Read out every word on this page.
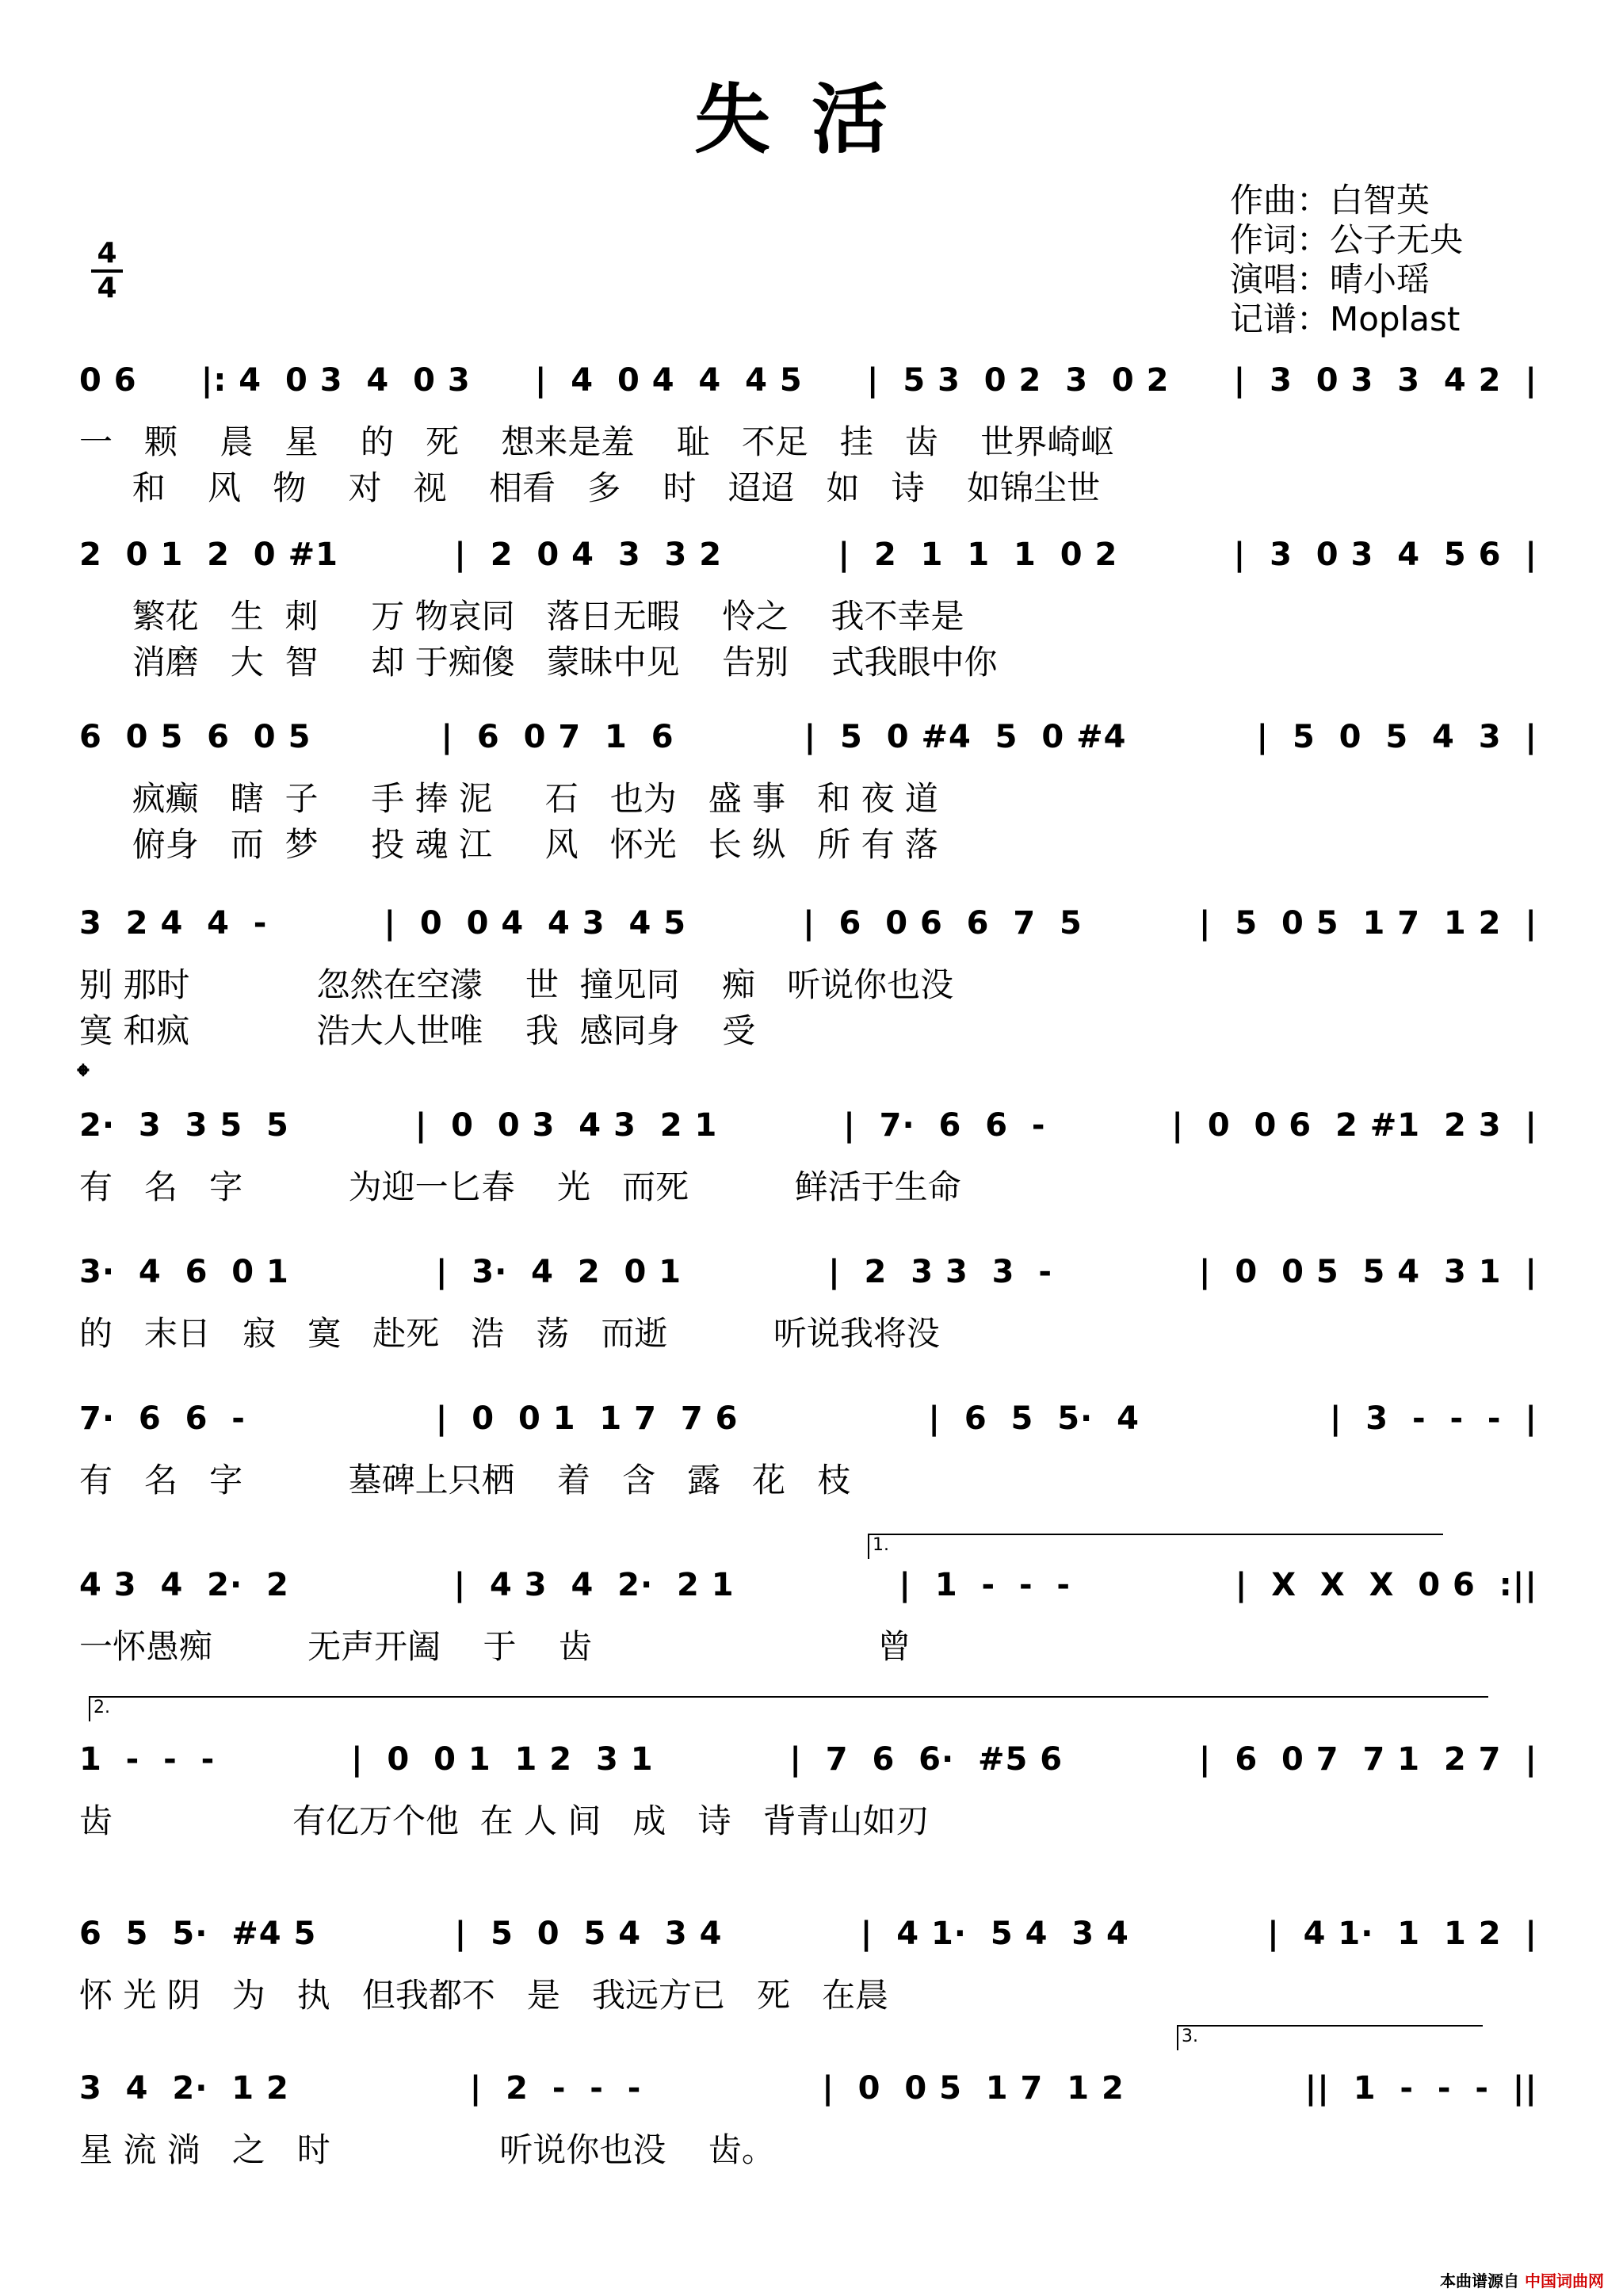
失活
作曲：白智英
作词：公子无央
演唱：晴小瑶
记谱：Moplast
$\frac{4}{4}$
0 6 |: 4  0 3  4  0 3 |  4  0 4  4  4 5 |  5 3  0 2  3  0 2 |  3  0 3  3  4 2  |
一   颗    晨   星    的   死    想来是羞    耻   不足   挂   齿    世界崎岖
和    风   物    对   视    相看   多    时   迢迢   如   诗    如锦尘世
2  0 1  2  0 #1	|  2  0 4  3  3 2	|  2  1  1  1  0 2	|  3  0 3  4  5 6  |
繁花   生  刺     万 物哀同   落日无暇    怜之    我不幸是
消磨   大  智     却 于痴傻   蒙昧中见    告别    式我眼中你
6  0 5  6  0 5	|  6  0 7  1  6	|  5  0 #4  5  0 #4	|  5  0  5  4  3  |
疯癫   瞎  子     手 捧 泥     石   也为   盛 事   和 夜 道
俯身   而  梦     投 魂 江     风   怀光   长 纵   所 有 落
3  2 4  4  -	|  0  0 4  4 3  4 5	|  6  0 6  6  7  5	|  5  0 5  1 7  1 2  |
别 那时            忽然在空濛    世  撞见同    痴   听说你也没
寞 和疯            浩大人世唯    我  感同身    受
2·  3  3 5  5	|  0  0 3  4 3  2 1	|  7·  6  6  -	|  0  0 6  2 #1  2 3  |
有   名   字          为迎一匕春    光   而死          鲜活于生命
3·  4  6  0 1	|  3·  4  2  0 1	|  2  3 3  3  -	|  0  0 5  5 4  3 1  |
的   末日   寂   寞   赴死   浩   荡   而逝          听说我将没
7·  6  6  -	|  0  0 1  1 7  7 6	|  6  5  5·  4	|  3  -  -  -  |
有   名   字          墓碑上只栖    着   含   露   花   枝
4 3  4  2·  2	|  4 3  4  2·  2 1	|  1  -  -  -	|  X  X  X  0 6  :||
一怀愚痴         无声开阖    于    齿                           曾
1  -  -  -	|  0  0 1  1 2  3 1	|  7  6  6·  #5 6	|  6  0 7  7 1  2 7  |
齿                 有亿万个他  在 人 间   成   诗   背青山如刃
6  5  5·  #4 5	|  5  0  5 4  3 4	|  4 1·  5 4  3 4	|  4 1·  1  1 2  |
怀 光 阴   为   执   但我都不   是   我远方已   死   在晨
3  4  2·  1 2	|  2  -  -  -	|  0  0 5  1 7  1 2	||  1  -  -  -  ||
星 流 淌   之   时                听说你也没    齿。
1.
2.
3.
𝄌
本曲谱源自 中国词曲网
